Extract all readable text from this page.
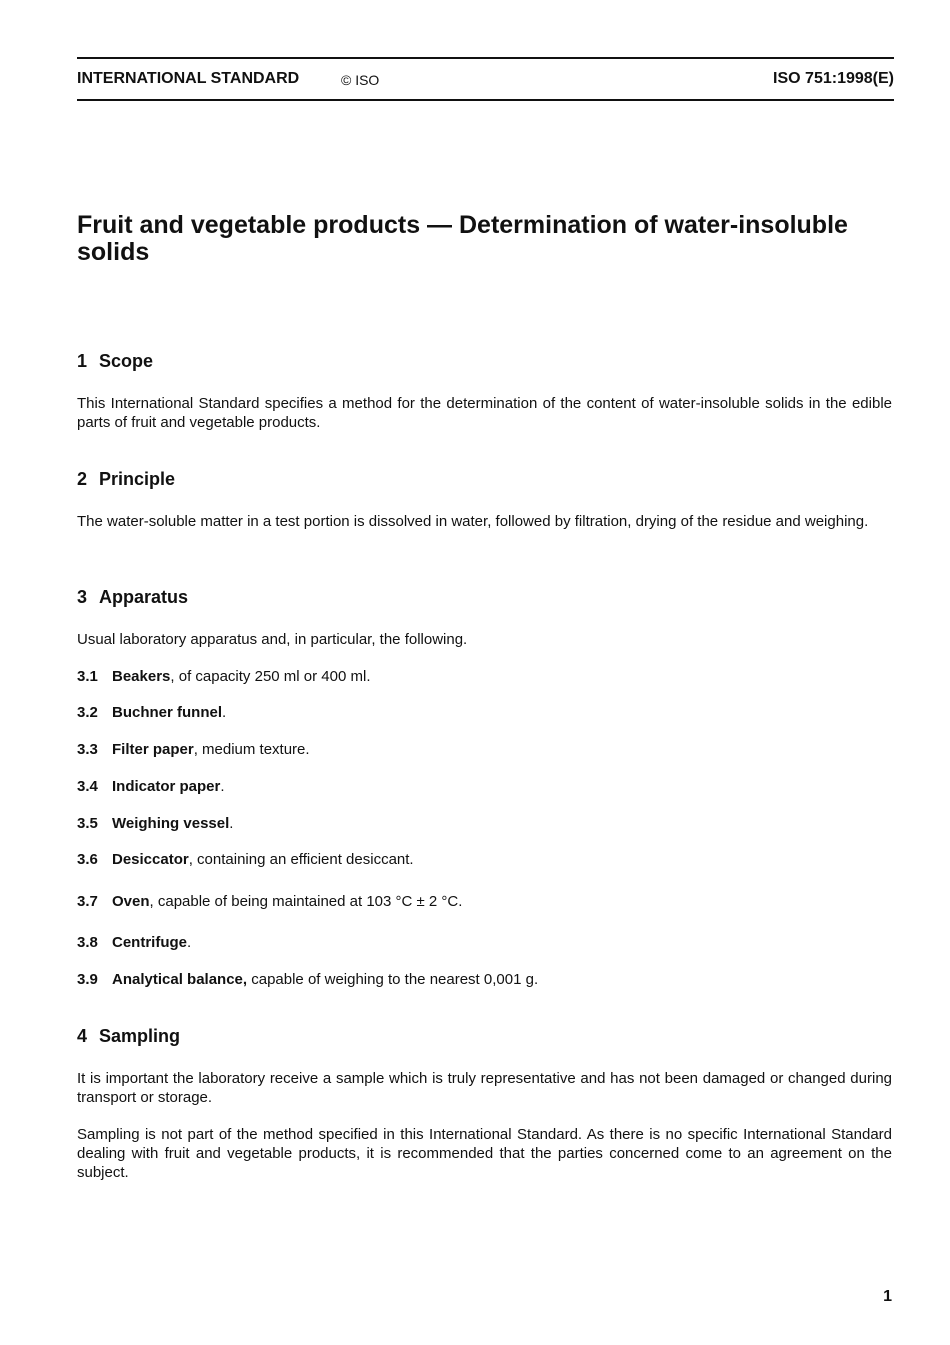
INTERNATIONAL STANDARD	© ISO	ISO 751:1998(E)
Fruit and vegetable products — Determination of water-insoluble solids
1 Scope
This International Standard specifies a method for the determination of the content of water-insoluble solids in the edible parts of fruit and vegetable products.
2 Principle
The water-soluble matter in a test portion is dissolved in water, followed by filtration, drying of the residue and weighing.
3 Apparatus
Usual laboratory apparatus and, in particular, the following.
3.1 Beakers, of capacity 250 ml or 400 ml.
3.2 Buchner funnel.
3.3 Filter paper, medium texture.
3.4 Indicator paper.
3.5 Weighing vessel.
3.6 Desiccator, containing an efficient desiccant.
3.7 Oven, capable of being maintained at 103 °C ± 2 °C.
3.8 Centrifuge.
3.9 Analytical balance, capable of weighing to the nearest 0,001 g.
4 Sampling
It is important the laboratory receive a sample which is truly representative and has not been damaged or changed during transport or storage.
Sampling is not part of the method specified in this International Standard. As there is no specific International Standard dealing with fruit and vegetable products, it is recommended that the parties concerned come to an agreement on the subject.
1
